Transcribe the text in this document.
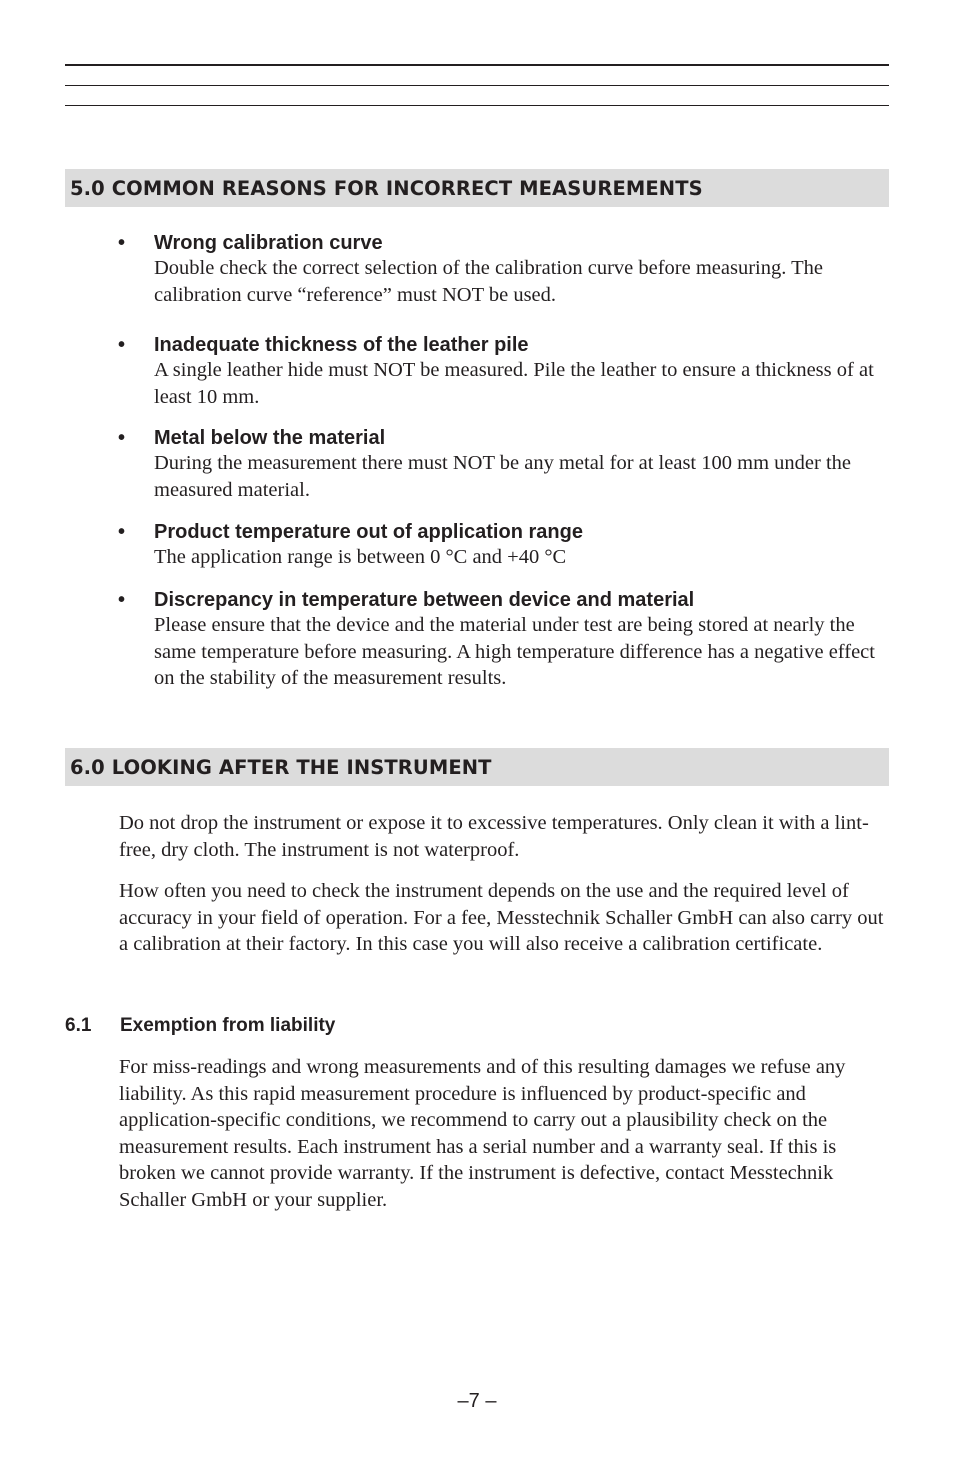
5.0 COMMON REASONS FOR INCORRECT MEASUREMENTS
• Wrong calibration curve
Double check the correct selection of the calibration curve before measuring. The calibration curve “reference” must NOT be used.
• Inadequate thickness of the leather pile
A single leather hide must NOT be measured. Pile the leather to ensure a thickness of at least 10 mm.
• Metal below the material
During the measurement there must NOT be any metal for at least 100 mm under the measured material.
• Product temperature out of application range
The application range is between 0 °C and +40 °C
• Discrepancy in temperature between device and material
Please ensure that the device and the material under test are being stored at nearly the same temperature before measuring. A high temperature difference has a negative effect on the stability of the measurement results.
6.0 LOOKING AFTER THE INSTRUMENT
Do not drop the instrument or expose it to excessive temperatures. Only clean it with a lint-free, dry cloth. The instrument is not waterproof.
How often you need to check the instrument depends on the use and the required level of accuracy in your field of operation. For a fee, Messtechnik Schaller GmbH can also carry out a calibration at their factory. In this case you will also receive a calibration certificate.
6.1 Exemption from liability
For miss-readings and wrong measurements and of this resulting damages we refuse any liability. As this rapid measurement procedure is influenced by product-specific and application-specific conditions, we recommend to carry out a plausibility check on the measurement results. Each instrument has a serial number and a warranty seal. If this is broken we cannot provide warranty. If the instrument is defective, contact Messtechnik Schaller GmbH or your supplier.
–7 –
